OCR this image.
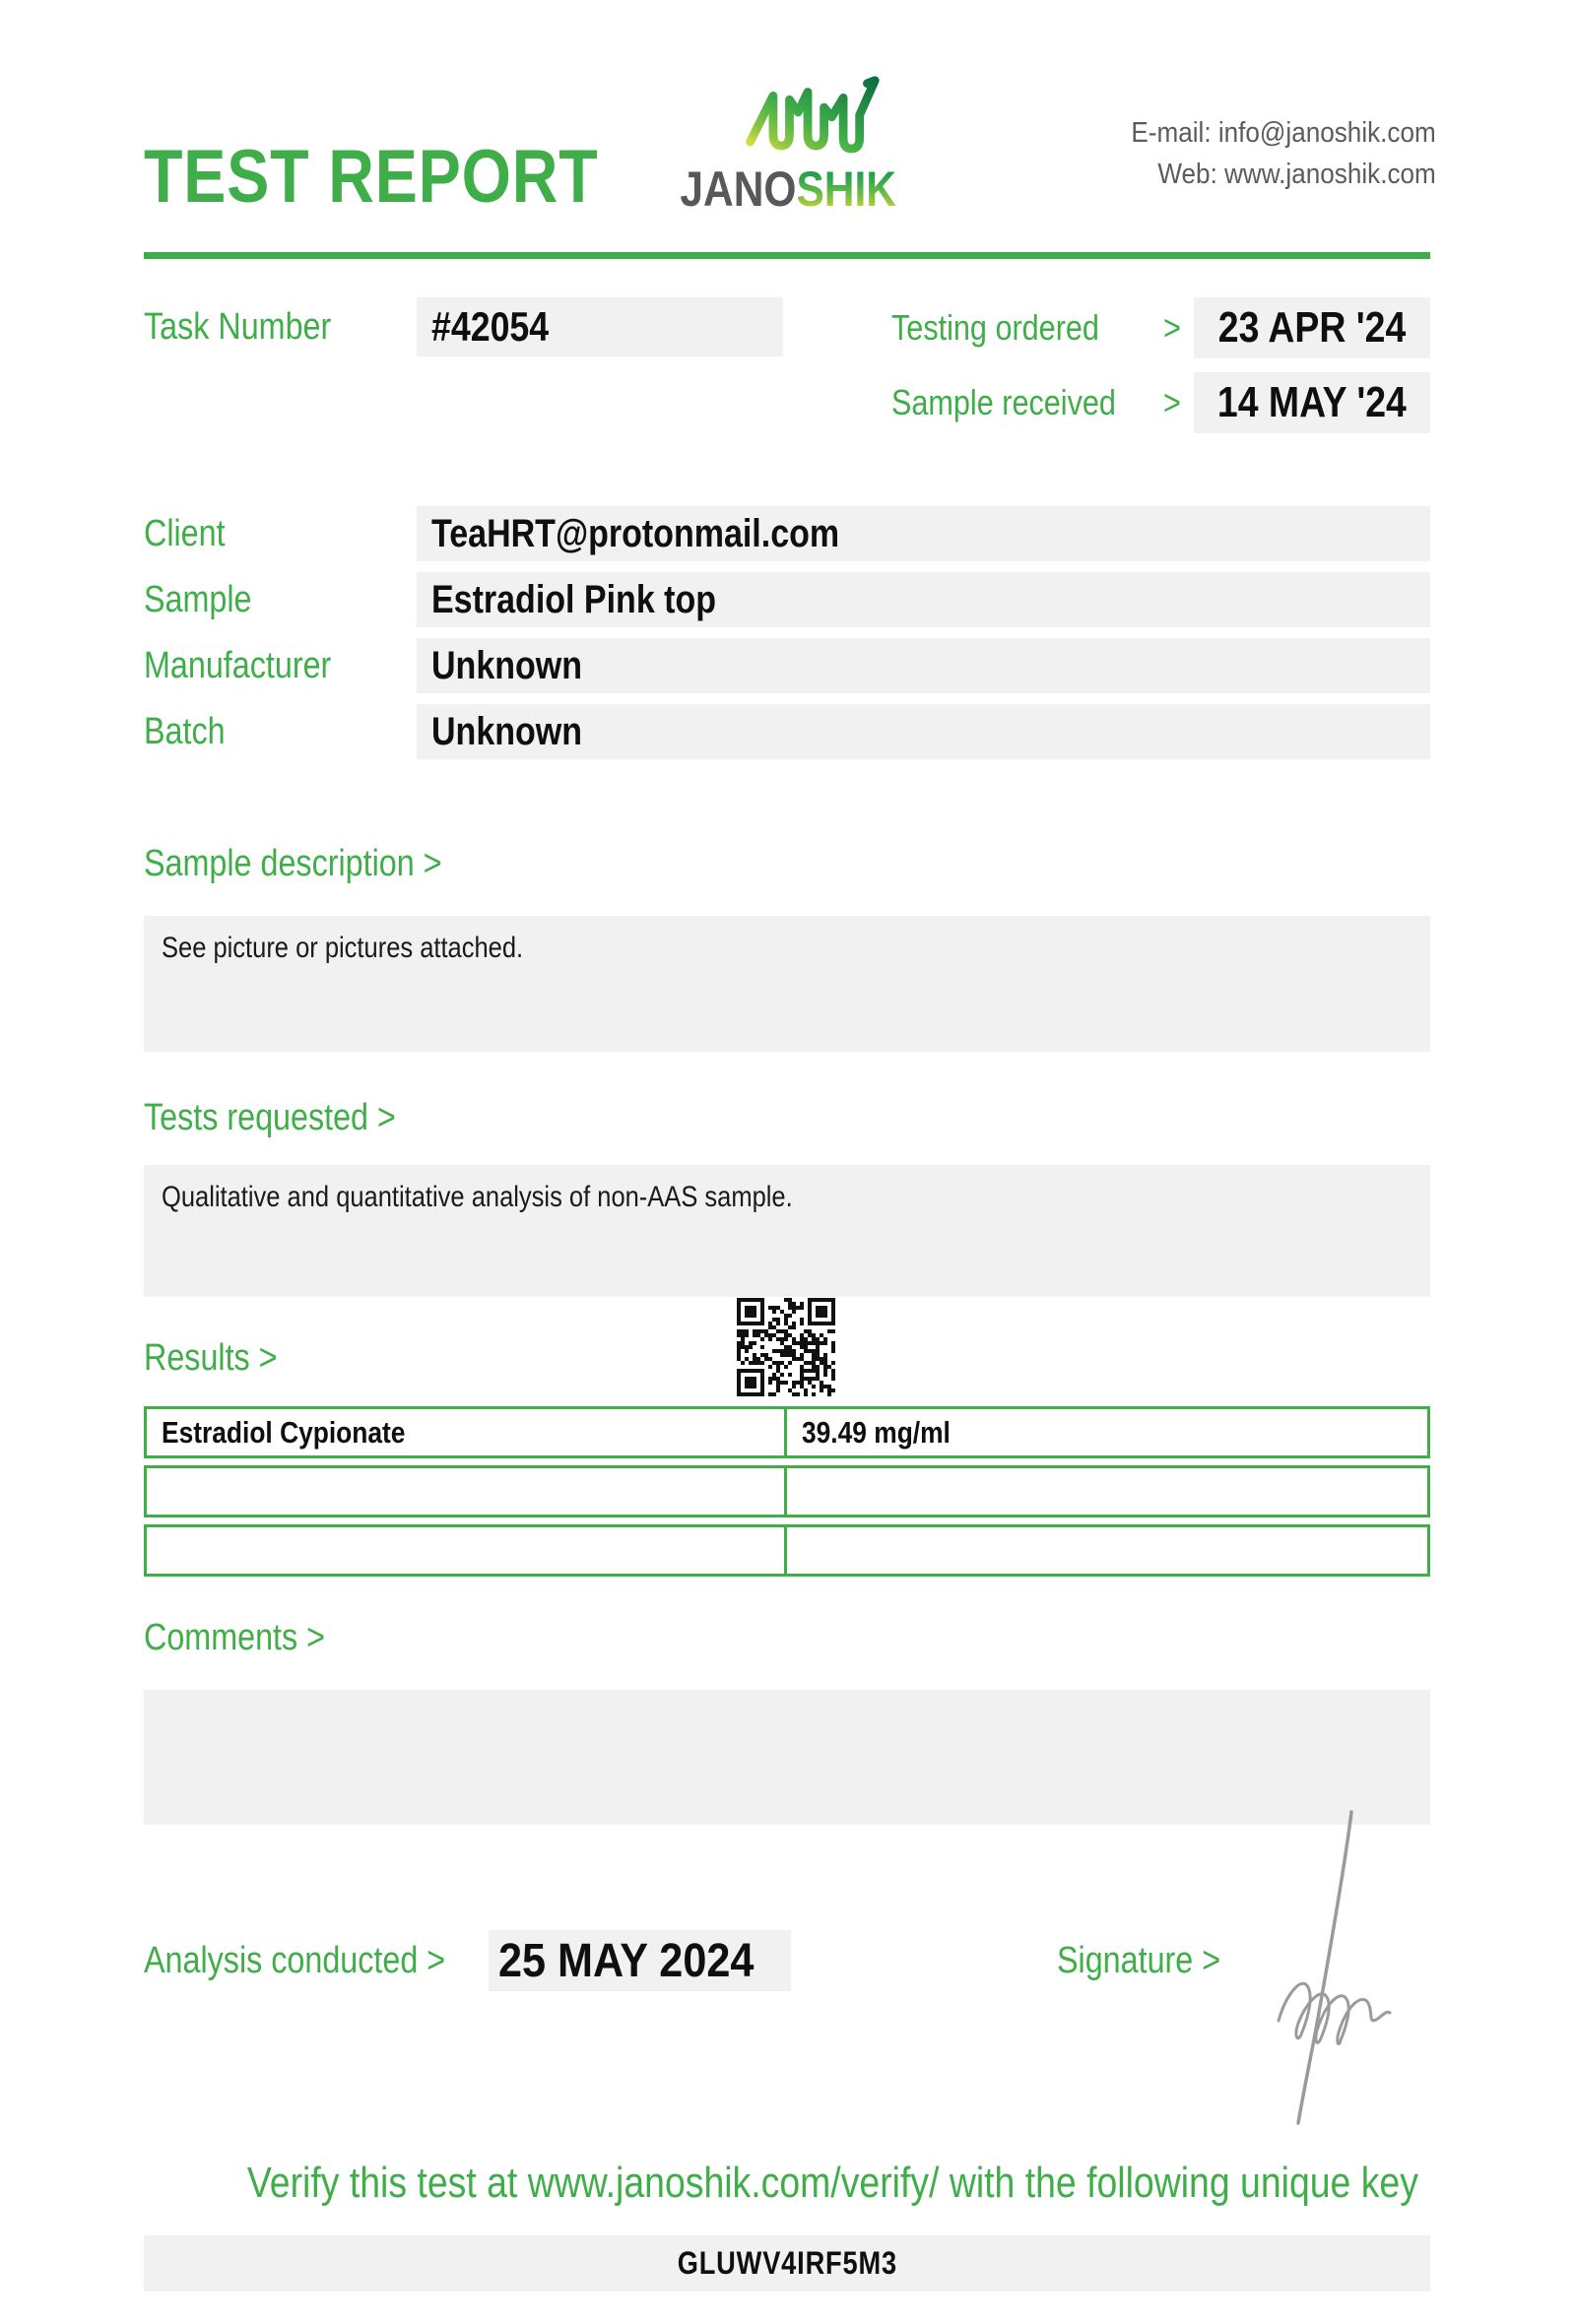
TEST REPORT	JANOSHIK
E-mail: info@janoshik.com
Web: www.janoshik.com
Task Number #42054	Testing ordered > 23 APR '24
Sample received > 14 MAY '24
Client	TeaHRT@protonmail.com
Sample	Estradiol Pink top
Manufacturer	Unknown
Batch	Unknown
Sample description >
See picture or pictures attached.
Tests requested >
Qualitative and quantitative analysis of non-AAS sample.
Results >
Estradiol Cypionate	39.49 mg/ml
Comments >
Analysis conducted > 25 MAY 2024	Signature >
Verify this test at www.janoshik.com/verify/ with the following unique key
GLUWV4IRF5M3
